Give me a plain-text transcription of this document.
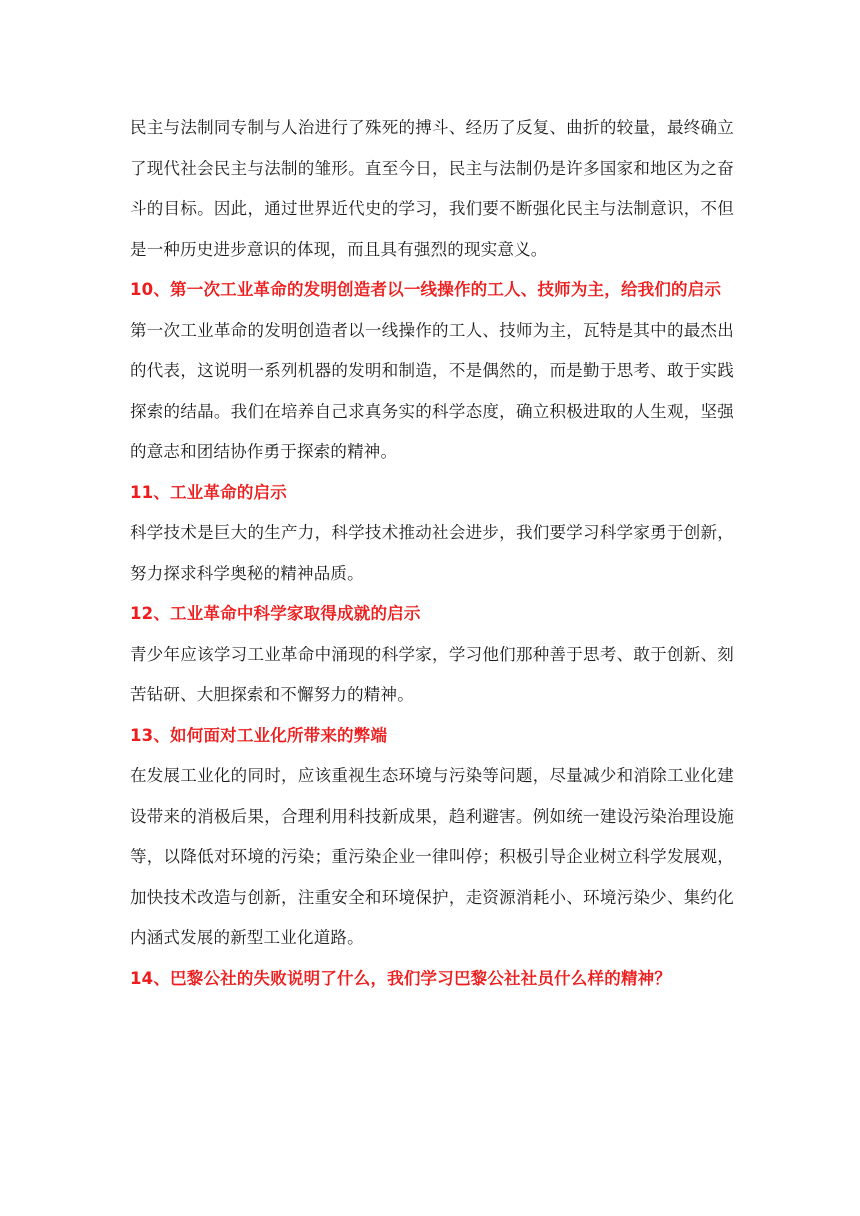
民主与法制同专制与人治进行了殊死的搏斗、经历了反复、曲折的较量，最终确立了现代社会民主与法制的雏形。直至今日，民主与法制仍是许多国家和地区为之奋斗的目标。因此，通过世界近代史的学习，我们要不断强化民主与法制意识，不但是一种历史进步意识的体现，而且具有强烈的现实意义。

10、第一次工业革命的发明创造者以一线操作的工人、技师为主，给我们的启示

第一次工业革命的发明创造者以一线操作的工人、技师为主，瓦特是其中的最杰出的代表，这说明一系列机器的发明和制造，不是偶然的，而是勤于思考、敢于实践探索的结晶。我们在培养自己求真务实的科学态度，确立积极进取的人生观，坚强的意志和团结协作勇于探索的精神。

11、工业革命的启示

科学技术是巨大的生产力，科学技术推动社会进步，我们要学习科学家勇于创新，努力探求科学奥秘的精神品质。

12、工业革命中科学家取得成就的启示

青少年应该学习工业革命中涌现的科学家，学习他们那种善于思考、敢于创新、刻苦钻研、大胆探索和不懈努力的精神。

13、如何面对工业化所带来的弊端

在发展工业化的同时，应该重视生态环境与污染等问题，尽量减少和消除工业化建设带来的消极后果，合理利用科技新成果，趋利避害。例如统一建设污染治理设施等，以降低对环境的污染；重污染企业一律叫停；积极引导企业树立科学发展观，加快技术改造与创新，注重安全和环境保护，走资源消耗小、环境污染少、集约化内涵式发展的新型工业化道路。

14、巴黎公社的失败说明了什么，我们学习巴黎公社社员什么样的精神？
